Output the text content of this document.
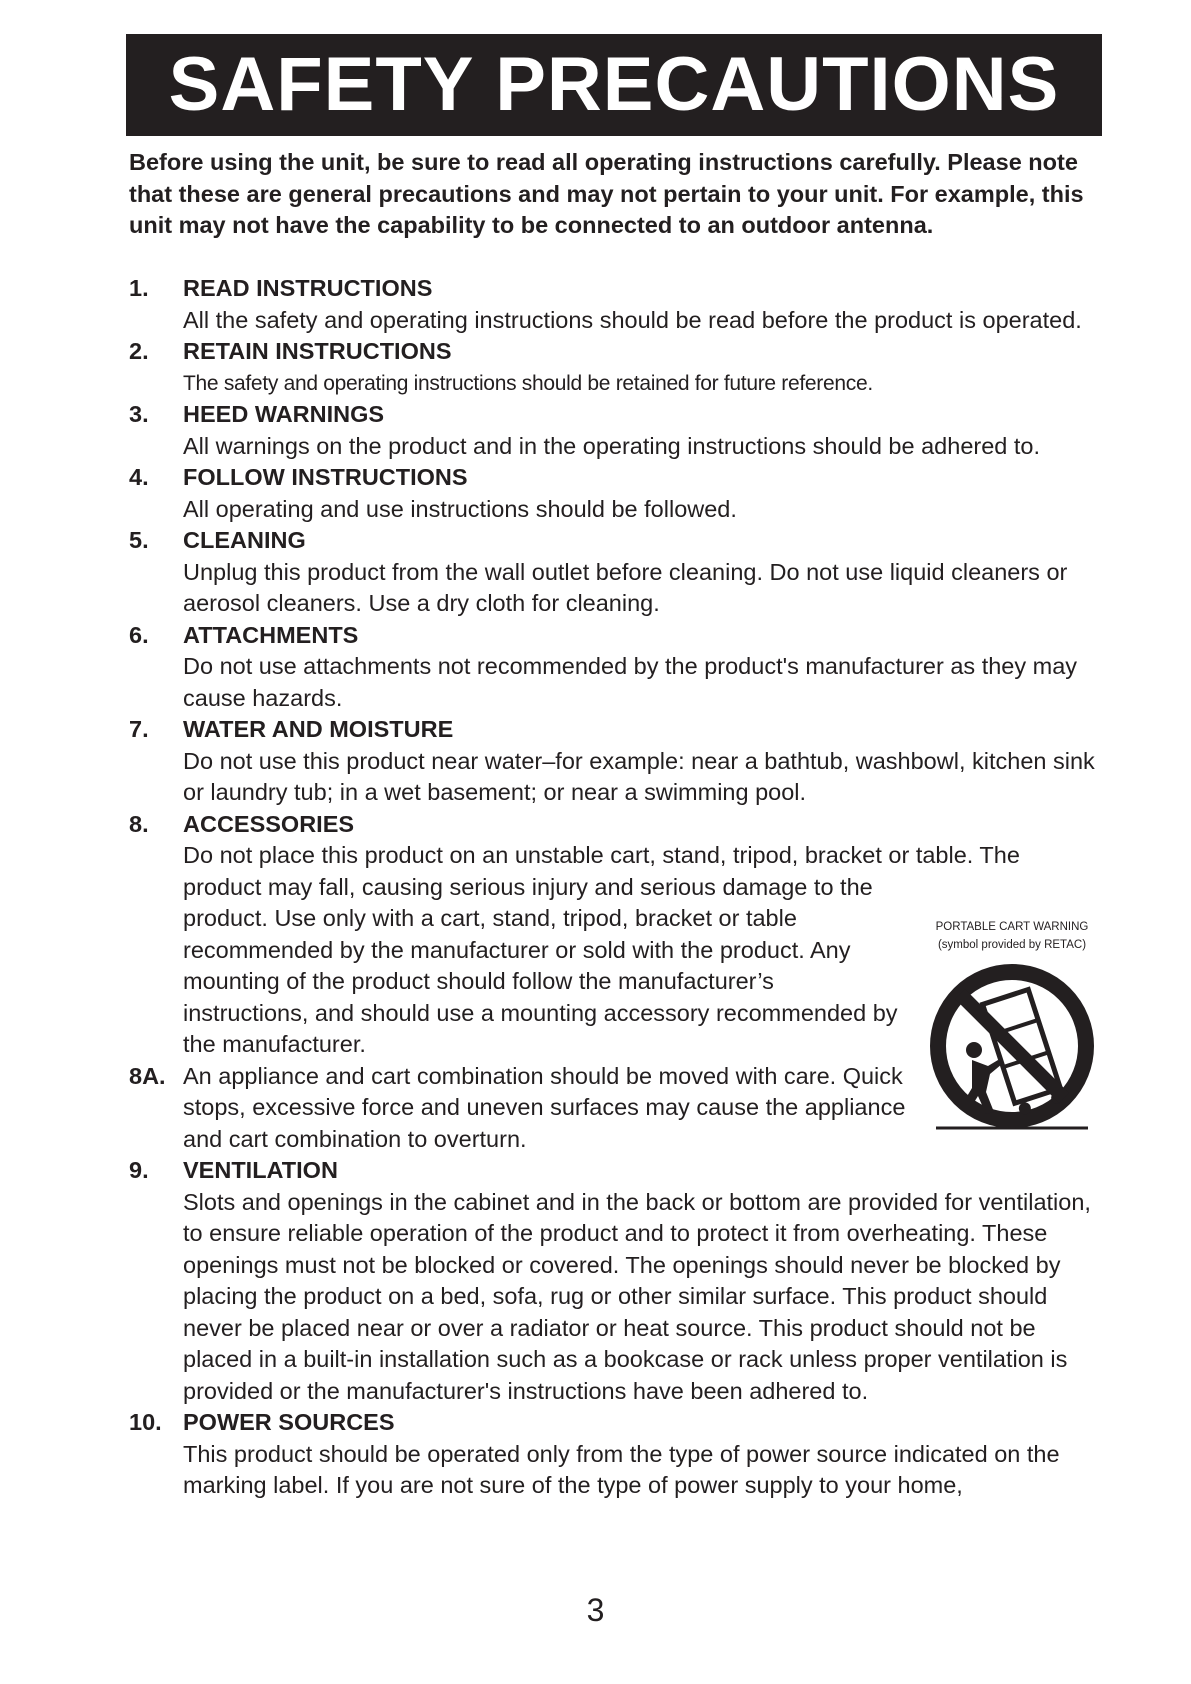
SAFETY PRECAUTIONS
Before using the unit, be sure to read all operating instructions carefully. Please note that these are general precautions and may not pertain to your unit. For example, this unit may not have the capability to be connected to an outdoor antenna.
1.	READ INSTRUCTIONS
All the safety and operating instructions should be read before the product is operated.
2.	RETAIN INSTRUCTIONS
The safety and operating instructions should be retained for future reference.
3.	HEED WARNINGS
All warnings on the product and in the operating instructions should be adhered to.
4.	FOLLOW INSTRUCTIONS
All operating and use instructions should be followed.
5.	CLEANING
Unplug this product from the wall outlet before cleaning. Do not use liquid cleaners or aerosol cleaners. Use a dry cloth for cleaning.
6.	ATTACHMENTS
Do not use attachments not recommended by the product's manufacturer as they may cause hazards.
7.	WATER AND MOISTURE
Do not use this product near water–for example: near a bathtub, washbowl, kitchen sink or laundry tub; in a wet basement; or near a swimming pool.
8.	ACCESSORIES
Do not place this product on an unstable cart, stand, tripod, bracket or table. The
product may fall, causing serious injury and serious damage to the product. Use only with a cart, stand, tripod, bracket or table recommended by the manufacturer or sold with the product. Any mounting of the product should follow the manufacturer’s instructions, and should use a mounting accessory recommended by the manufacturer.
8A. An appliance and cart combination should be moved with care. Quick stops, excessive force and uneven surfaces may cause the appliance and cart combination to overturn.
9.	VENTILATION
Slots and openings in the cabinet and in the back or bottom are provided for ventilation, to ensure reliable operation of the product and to protect it from overheating. These openings must not be blocked or covered. The openings should never be blocked by placing the product on a bed, sofa, rug or other similar surface. This product should never be placed near or over a radiator or heat source. This product should not be placed in a built-in installation such as a bookcase or rack unless proper ventilation is provided or the manufacturer's instructions have been adhered to.
10. POWER SOURCES
This product should be operated only from the type of power source indicated on the marking label. If you are not sure of the type of power supply to your home,
PORTABLE CART WARNING
(symbol provided by RETAC)
3
